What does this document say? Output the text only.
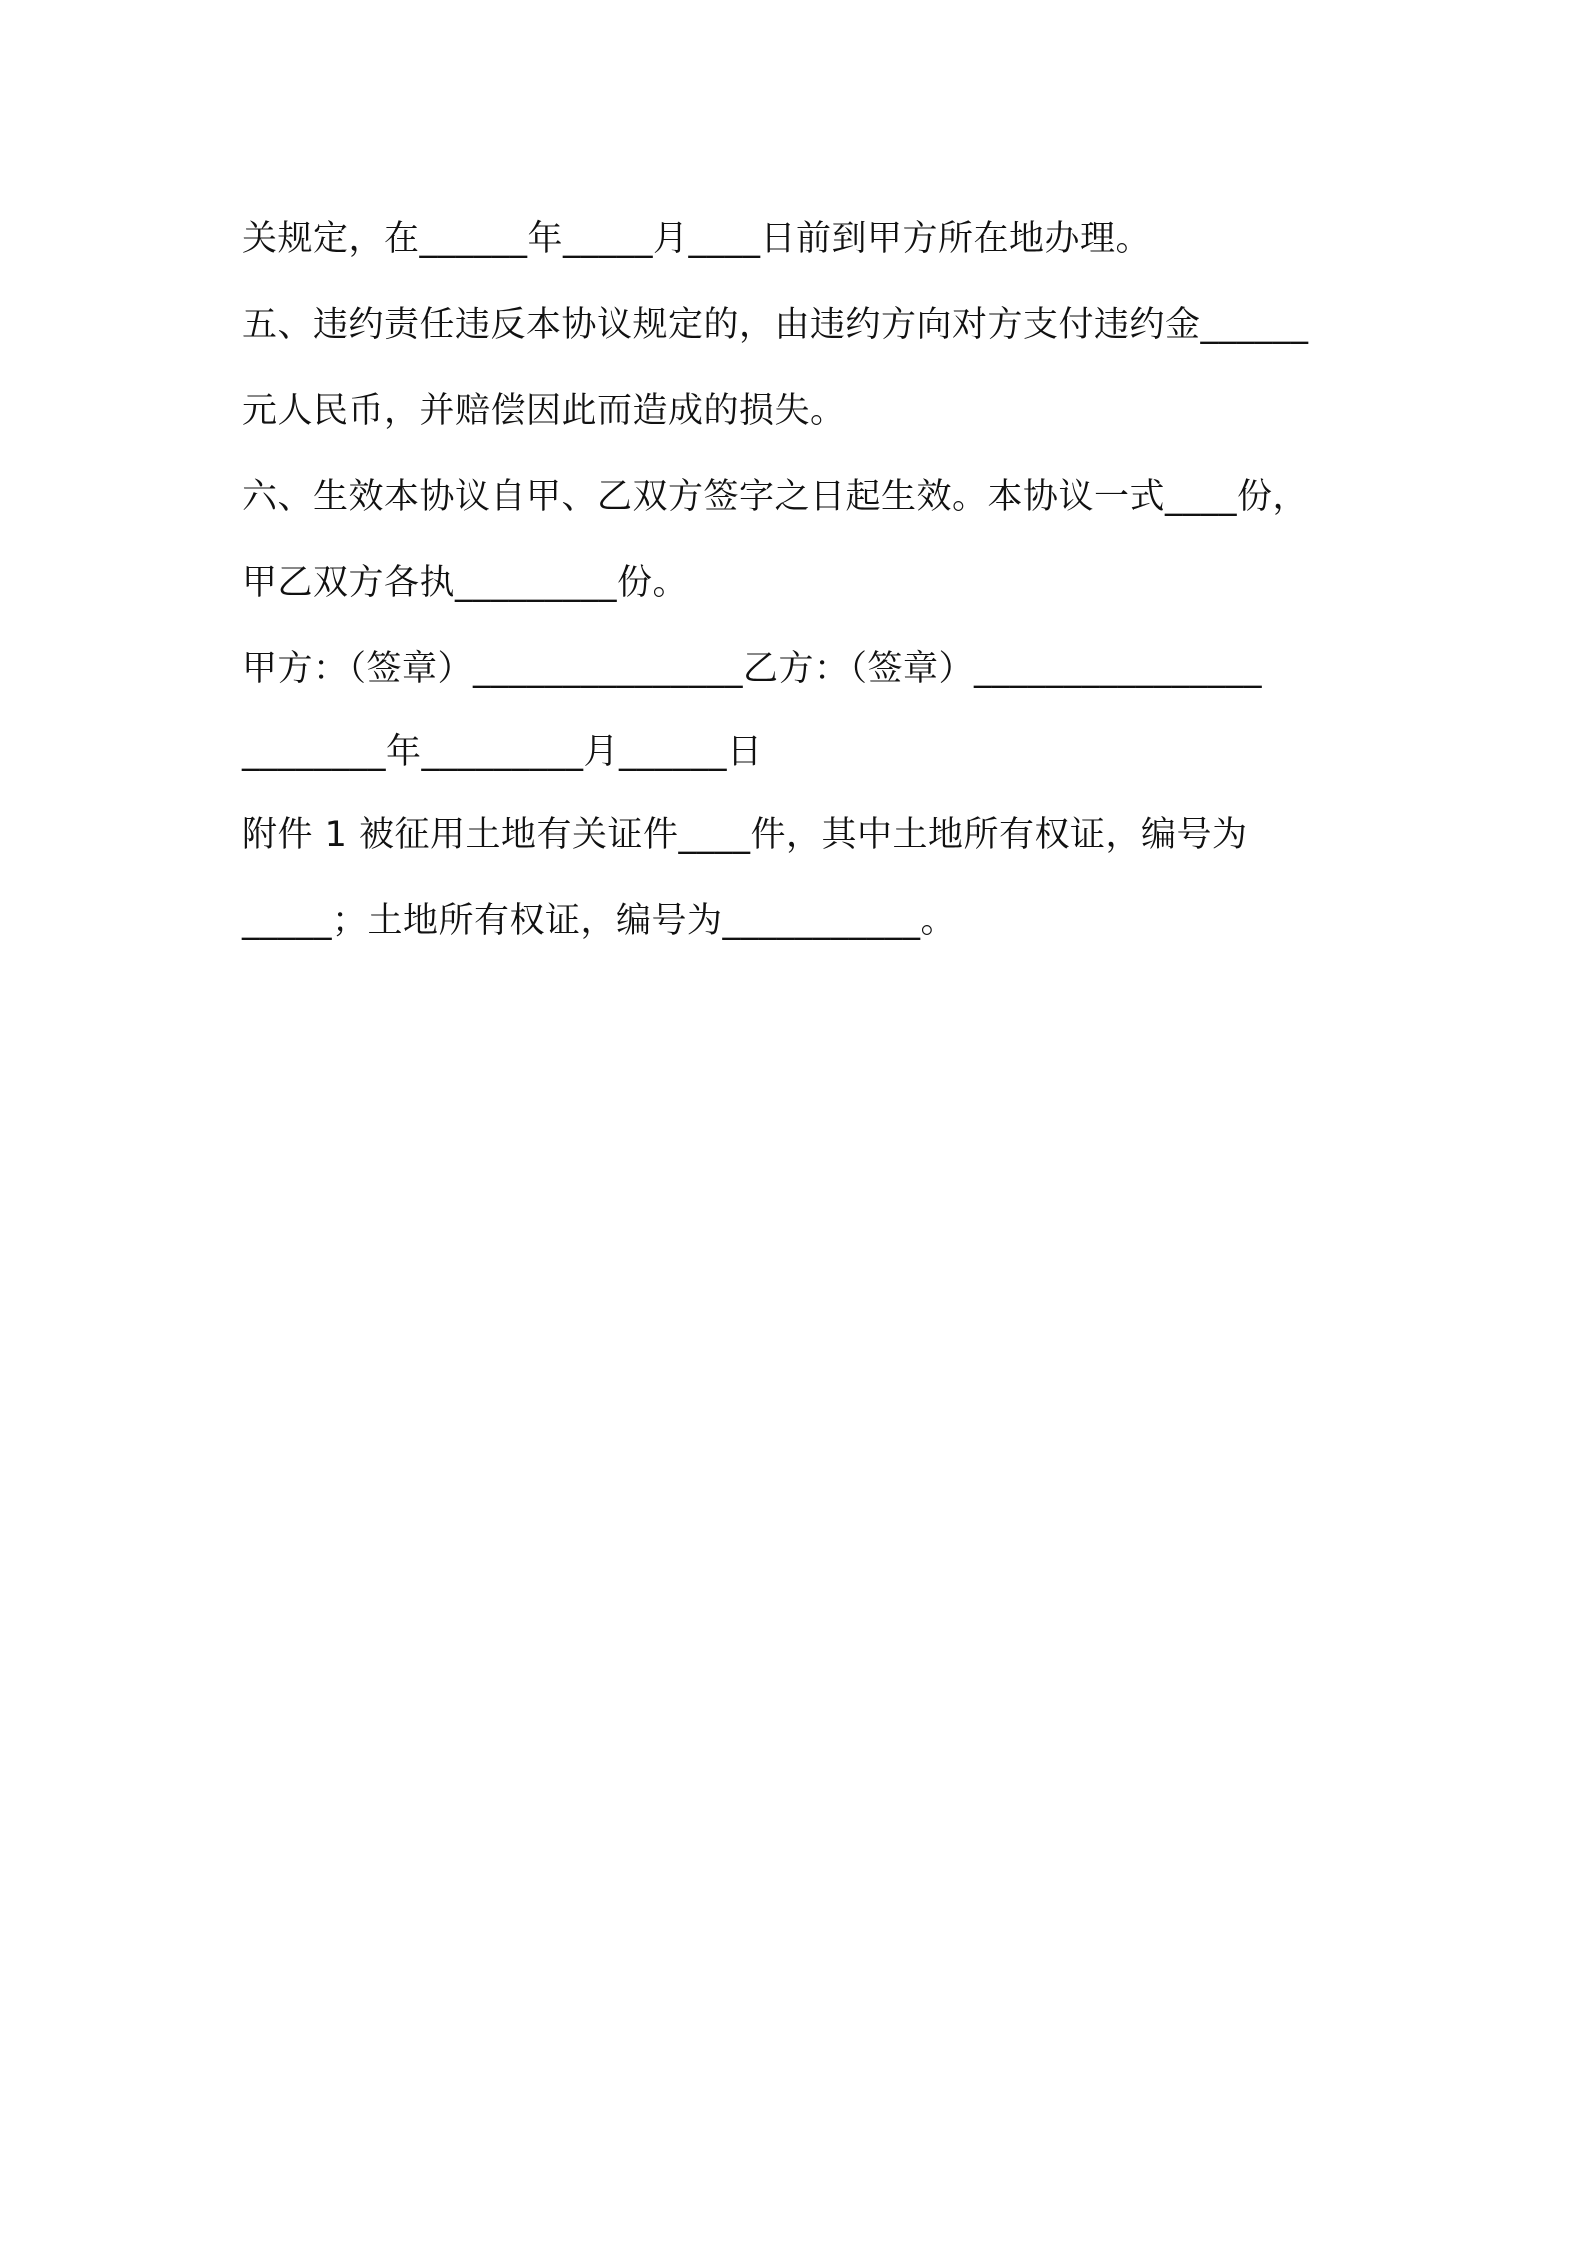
关规定，在______年_____月____日前到甲方所在地办理。
五、违约责任违反本协议规定的，由违约方向对方支付违约金______
元人民币，并赔偿因此而造成的损失。
六、生效本协议自甲、乙双方签字之日起生效。本协议一式____份，
甲乙双方各执_________份。
甲方：（签章）_______________乙方：（签章）________________
________年_________月______日
附件 1 被征用土地有关证件____件，其中土地所有权证，编号为
_____；土地所有权证，编号为___________。
